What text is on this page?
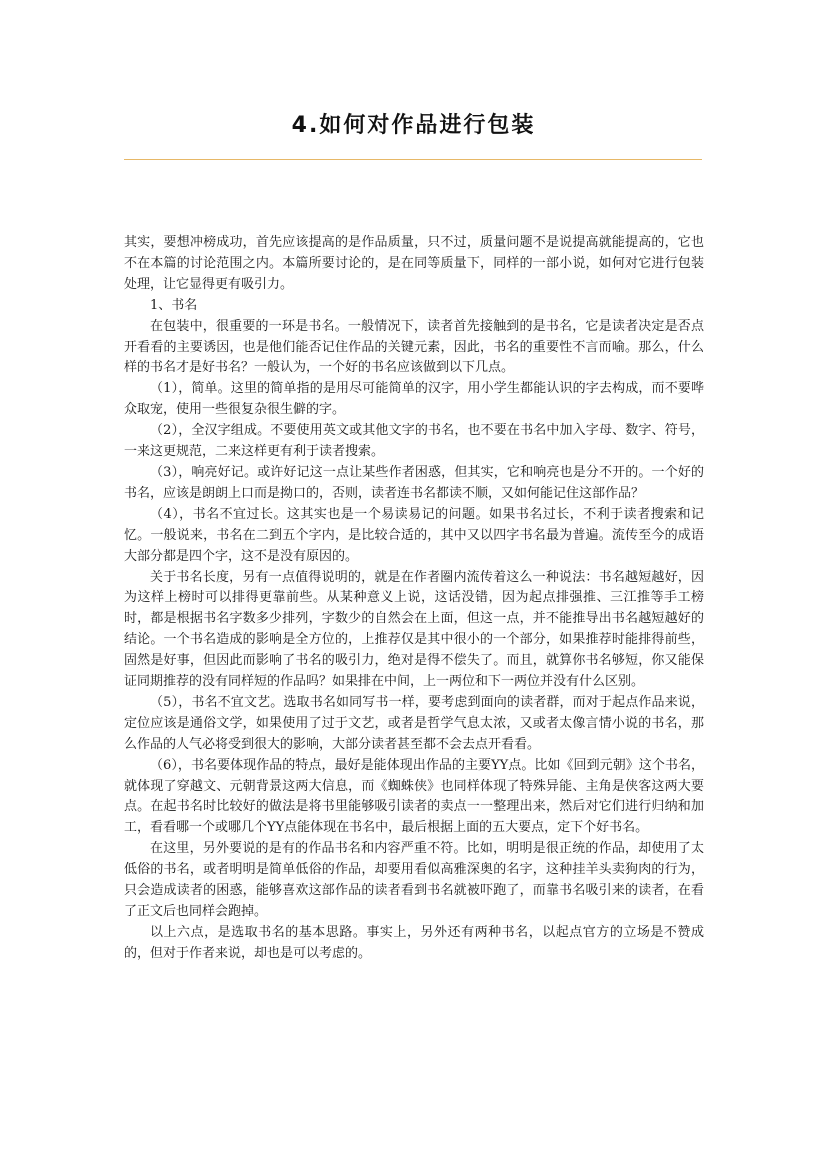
4.如何对作品进行包装

其实，要想冲榜成功，首先应该提高的是作品质量，只不过，质量问题不是说提高就能提高的，它也不在本篇的讨论范围之内。本篇所要讨论的，是在同等质量下，同样的一部小说，如何对它进行包装处理，让它显得更有吸引力。

1、书名

在包装中，很重要的一环是书名。一般情况下，读者首先接触到的是书名，它是读者决定是否点开看看的主要诱因，也是他们能否记住作品的关键元素，因此，书名的重要性不言而喻。那么，什么样的书名才是好书名？一般认为，一个好的书名应该做到以下几点。

（1），简单。这里的简单指的是用尽可能简单的汉字，用小学生都能认识的字去构成，而不要哗众取宠，使用一些很复杂很生僻的字。

（2），全汉字组成。不要使用英文或其他文字的书名，也不要在书名中加入字母、数字、符号，一来这更规范，二来这样更有利于读者搜索。

（3），响亮好记。或许好记这一点让某些作者困惑，但其实，它和响亮也是分不开的。一个好的书名，应该是朗朗上口而是拗口的，否则，读者连书名都读不顺，又如何能记住这部作品？

（4），书名不宜过长。这其实也是一个易读易记的问题。如果书名过长，不利于读者搜索和记忆。一般说来，书名在二到五个字内，是比较合适的，其中又以四字书名最为普遍。流传至今的成语大部分都是四个字，这不是没有原因的。

关于书名长度，另有一点值得说明的，就是在作者圈内流传着这么一种说法：书名越短越好，因为这样上榜时可以排得更靠前些。从某种意义上说，这话没错，因为起点排强推、三江推等手工榜时，都是根据书名字数多少排列，字数少的自然会在上面，但这一点，并不能推导出书名越短越好的结论。一个书名造成的影响是全方位的，上推荐仅是其中很小的一个部分，如果推荐时能排得前些，固然是好事，但因此而影响了书名的吸引力，绝对是得不偿失了。而且，就算你书名够短，你又能保证同期推荐的没有同样短的作品吗？如果排在中间，上一两位和下一两位并没有什么区别。

（5），书名不宜文艺。选取书名如同写书一样，要考虑到面向的读者群，而对于起点作品来说，定位应该是通俗文学，如果使用了过于文艺，或者是哲学气息太浓，又或者太像言情小说的书名，那么作品的人气必将受到很大的影响，大部分读者甚至都不会去点开看看。

（6），书名要体现作品的特点，最好是能体现出作品的主要YY点。比如《回到元朝》这个书名，就体现了穿越文、元朝背景这两大信息，而《蜘蛛侠》也同样体现了特殊异能、主角是侠客这两大要点。在起书名时比较好的做法是将书里能够吸引读者的卖点一一整理出来，然后对它们进行归纳和加工，看看哪一个或哪几个YY点能体现在书名中，最后根据上面的五大要点，定下个好书名。

在这里，另外要说的是有的作品书名和内容严重不符。比如，明明是很正统的作品，却使用了太低俗的书名，或者明明是简单低俗的作品，却要用看似高雅深奥的名字，这种挂羊头卖狗肉的行为，只会造成读者的困惑，能够喜欢这部作品的读者看到书名就被吓跑了，而靠书名吸引来的读者，在看了正文后也同样会跑掉。

以上六点，是选取书名的基本思路。事实上，另外还有两种书名，以起点官方的立场是不赞成的，但对于作者来说，却也是可以考虑的。
